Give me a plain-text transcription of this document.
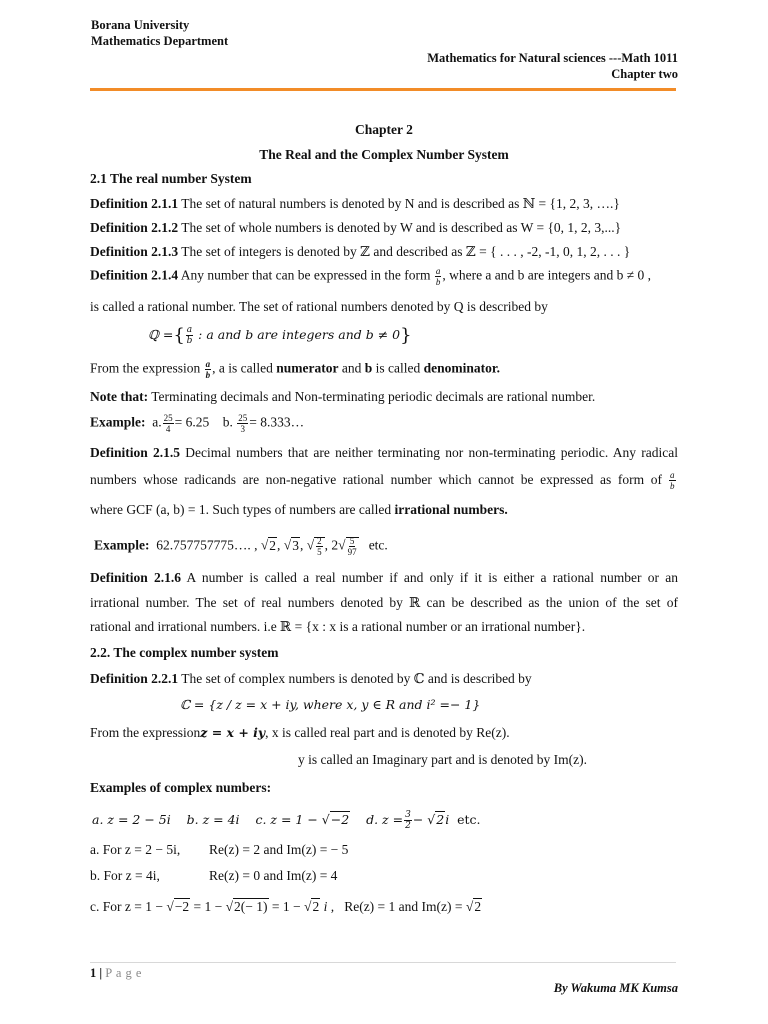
Borana University
Mathematics Department
Mathematics for Natural sciences ---Math 1011
Chapter two
Chapter 2
The Real and the Complex Number System
2.1 The real number System
Definition 2.1.1 The set of natural numbers is denoted by N and is described as ℕ = {1, 2, 3, ….}
Definition 2.1.2 The set of whole numbers is denoted by W and is described as W = {0, 1, 2, 3,...}
Definition 2.1.3 The set of integers is denoted by ℤ and described as ℤ = { . . . , -2, -1, 0, 1, 2, . . . }
Definition 2.1.4 Any number that can be expressed in the form $\frac{a}{b}$ , where a and b are integers and b ≠ 0 ,
is called a rational number. The set of rational numbers denoted by Q is described by
ℚ ={ $\frac{a}{b}$ : a and b are integers and b ≠ 0}
From the expression $\frac{a}{b}$ , a is called numerator and b is called denominator.
Note that: Terminating decimals and Non-terminating periodic decimals are rational number.
Example: a. $\frac{25}{4} = 6.25$ b. $\frac{25}{3}$ = 8.333…
Definition 2.1.5 Decimal numbers that are neither terminating nor non-terminating periodic. Any radical
numbers whose radicands are non-negative rational number which cannot be expressed as form of $\frac{a}{b}$
where GCF (a, b) = 1. Such types of numbers are called irrational numbers.
Example: 62.757757775…. , √2, √3, √ $\frac{2}{5}$ , $2√ \frac{5}{97}$ etc.
Definition 2.1.6 A number is called a real number if and only if it is either a rational number or an
irrational number. The set of real numbers denoted by ℝ can be described as the union of the set of
rational and irrational numbers. i.e ℝ = {x : x is a rational number or an irrational number}.
2.2. The complex number system
Definition 2.2.1 The set of complex numbers is denoted by ℂ and is described by
ℂ = {z / z = x + iy, where x, y ∈ R and i² =− 1}
From the expressionz = x + iy, x is called real part and is denoted by Re(z).
y is called an Imaginary part and is denoted by Im(z).
Examples of complex numbers:
a. z = 2 − 5i b. z = 4i c. z = 1 − √−2 d. $z = \frac{3}{2} - √2i$ etc.
a. For z = 2 − 5i, Re(z) = 2 and Im(z) = − 5
b. For z = 4i,	Re(z) = 0 and Im(z) = 4
c. For z = 1 − √−2 = 1 − √2(− 1) = 1 − √2 i , Re(z) = 1 and Im(z) = √2
1 | P a g e
By Wakuma MK Kumsa
